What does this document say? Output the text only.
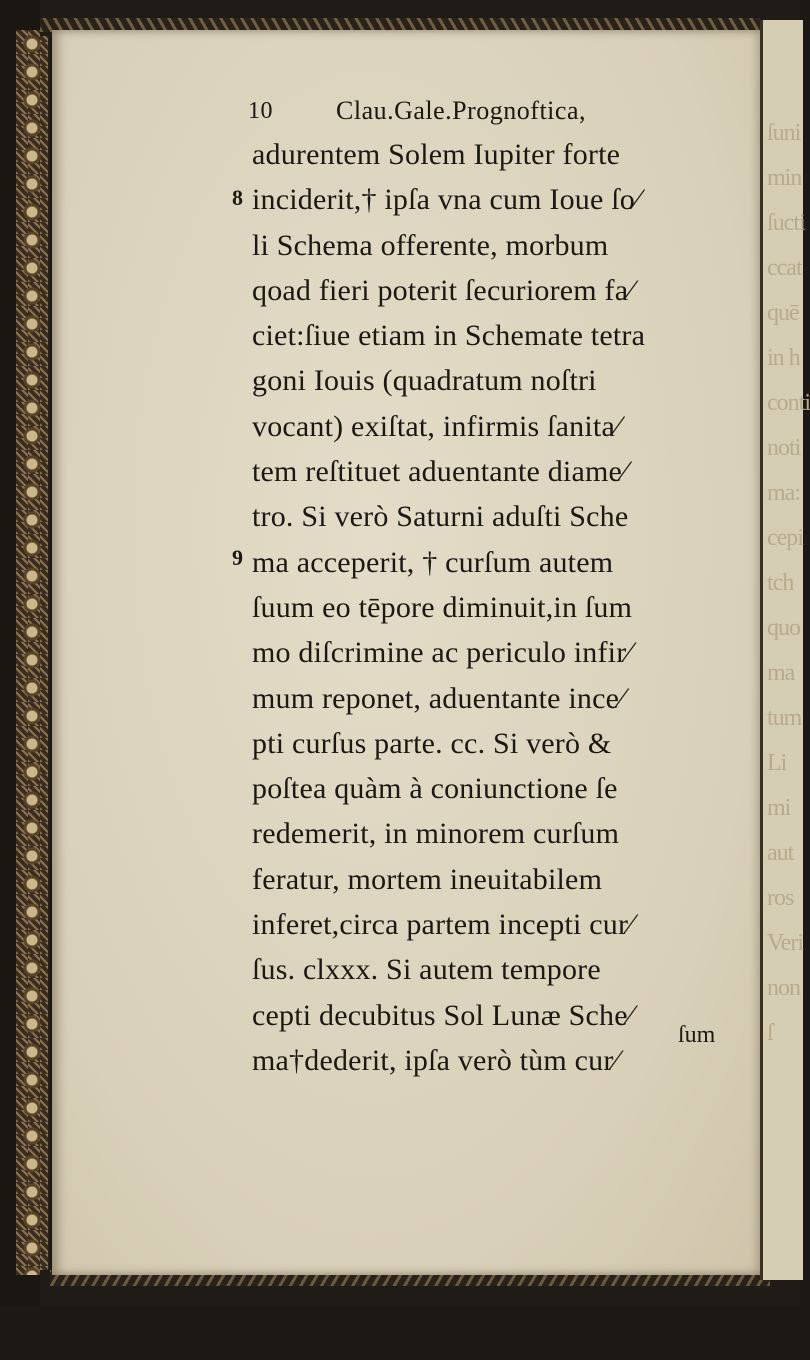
ſuni
min
ſucti
ccat
quē
in h
conti
noti
ma:
cepi
tch
quo
ma
tum
Li
mi
aut
ros
Veri
non
ſ
10 Clau.Gale.Prognoftica,
8
9
adurentem Solem Iupiter forte
inciderit,† ipſa vna cum Ioue ſo⁄
li Schema offerente, morbum
qoad fieri poterit ſecuriorem fa⁄
ciet:ſiue etiam in Schemate tetra
goni Iouis (quadratum noſtri
vocant) exiſtat, infirmis ſanita⁄
tem reſtituet aduentante diame⁄
tro. Si verò Saturni aduſti Sche
ma acceperit, † curſum autem
ſuum eo tēpore diminuit,in ſum
mo diſcrimine ac periculo infir⁄
mum reponet, aduentante ince⁄
pti curſus parte. cc. Si verò &
poſtea quàm à coniunctione ſe
redemerit, in minorem curſum
feratur, mortem ineuitabilem
inferet,circa partem incepti cur⁄
ſus. clxxx. Si autem tempore
cepti decubitus Sol Lunæ Sche⁄
ma†dederit, ipſa verò tùm cur⁄
ſum
